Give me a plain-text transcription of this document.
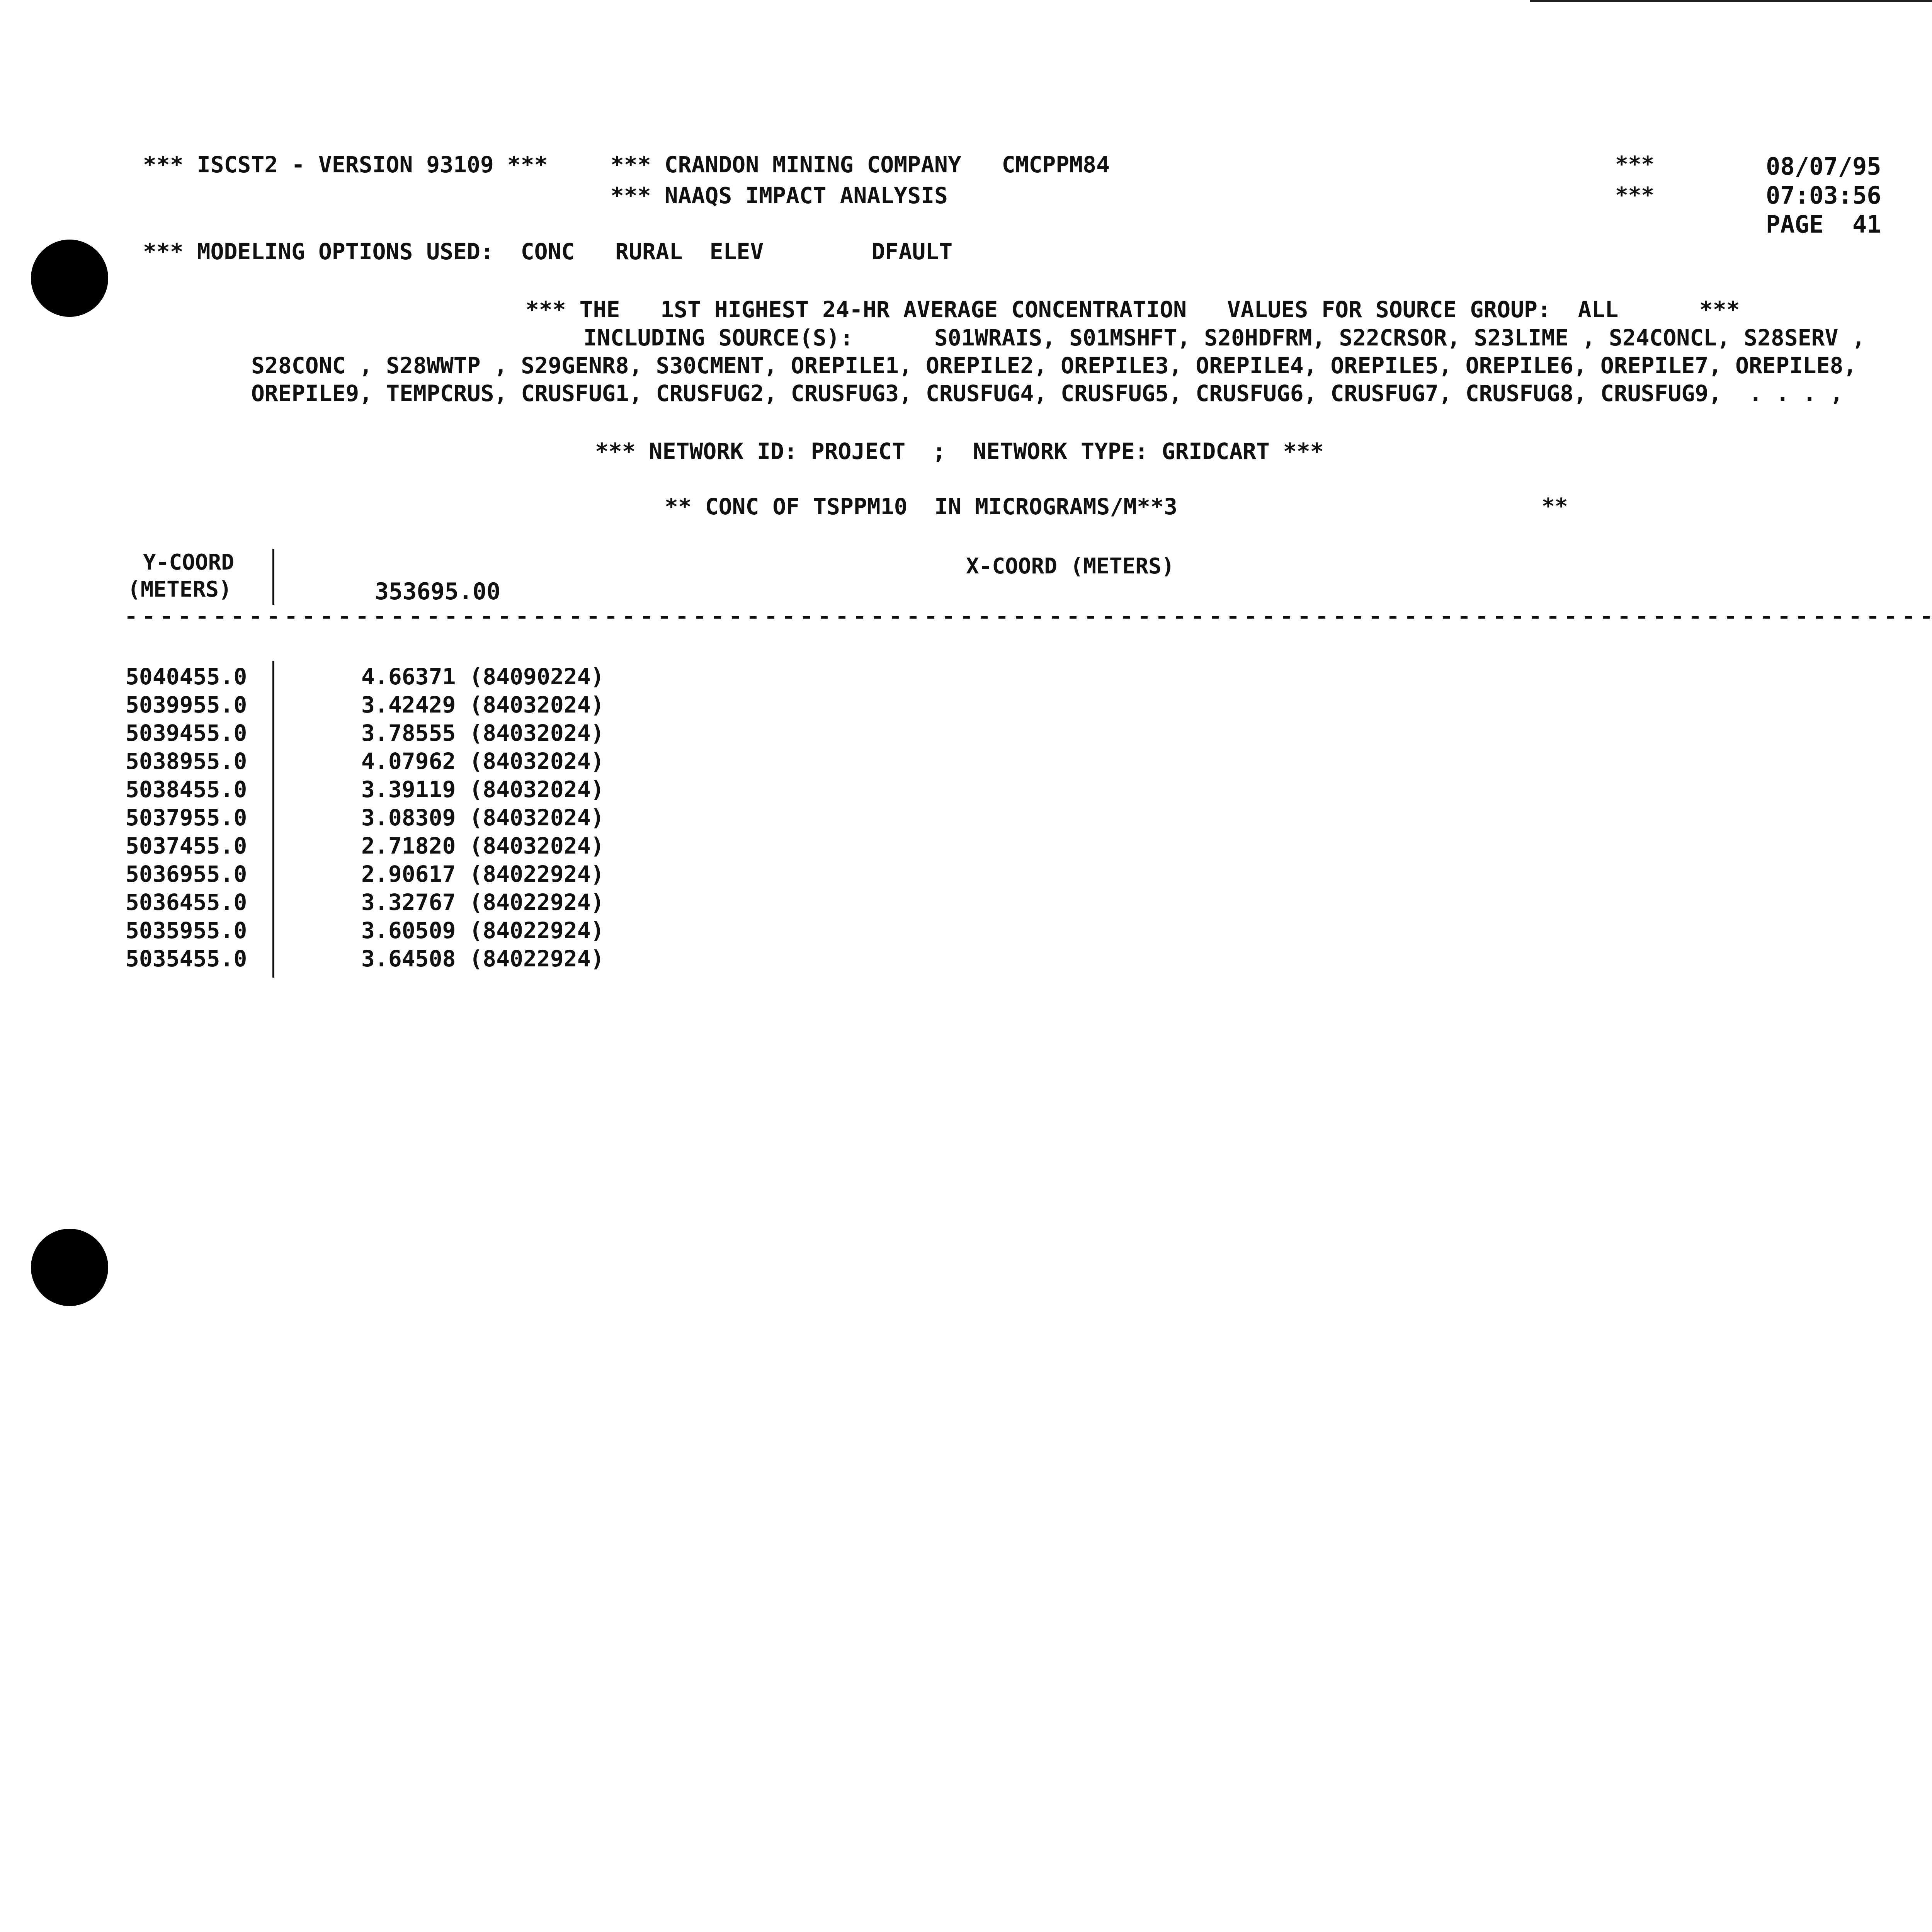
*** ISCST2 - VERSION 93109 ***	*** CRANDON MINING COMPANY   CMCPPM84
*** NAAQS IMPACT ANALYSIS
***
***
08/07/95
07:03:56
PAGE  41
*** MODELING OPTIONS USED:  CONC   RURAL  ELEV        DFAULT
*** THE   1ST HIGHEST 24-HR AVERAGE CONCENTRATION   VALUES FOR SOURCE GROUP:  ALL      ***
INCLUDING SOURCE(S):      S01WRAIS, S01MSHFT, S20HDFRM, S22CRSOR, S23LIME , S24CONCL, S28SERV ,
S28CONC , S28WWTP , S29GENR8, S30CMENT, OREPILE1, OREPILE2, OREPILE3, OREPILE4, OREPILE5, OREPILE6, OREPILE7, OREPILE8,
OREPILE9, TEMPCRUS, CRUSFUG1, CRUSFUG2, CRUSFUG3, CRUSFUG4, CRUSFUG5, CRUSFUG6, CRUSFUG7, CRUSFUG8, CRUSFUG9,  . . . ,
*** NETWORK ID: PROJECT  ;  NETWORK TYPE: GRIDCART ***
** CONC OF TSPPM10  IN MICROGRAMS/M**3	**
Y-COORD
(METERS)
X-COORD (METERS)
353695.00
5040455.0	4.66371 (84090224)
5039955.0	3.42429 (84032024)
5039455.0	3.78555 (84032024)
5038955.0	4.07962 (84032024)
5038455.0	3.39119 (84032024)
5037955.0	3.08309 (84032024)
5037455.0	2.71820 (84032024)
5036955.0	2.90617 (84022924)
5036455.0	3.32767 (84022924)
5035955.0	3.60509 (84022924)
5035455.0	3.64508 (84022924)
